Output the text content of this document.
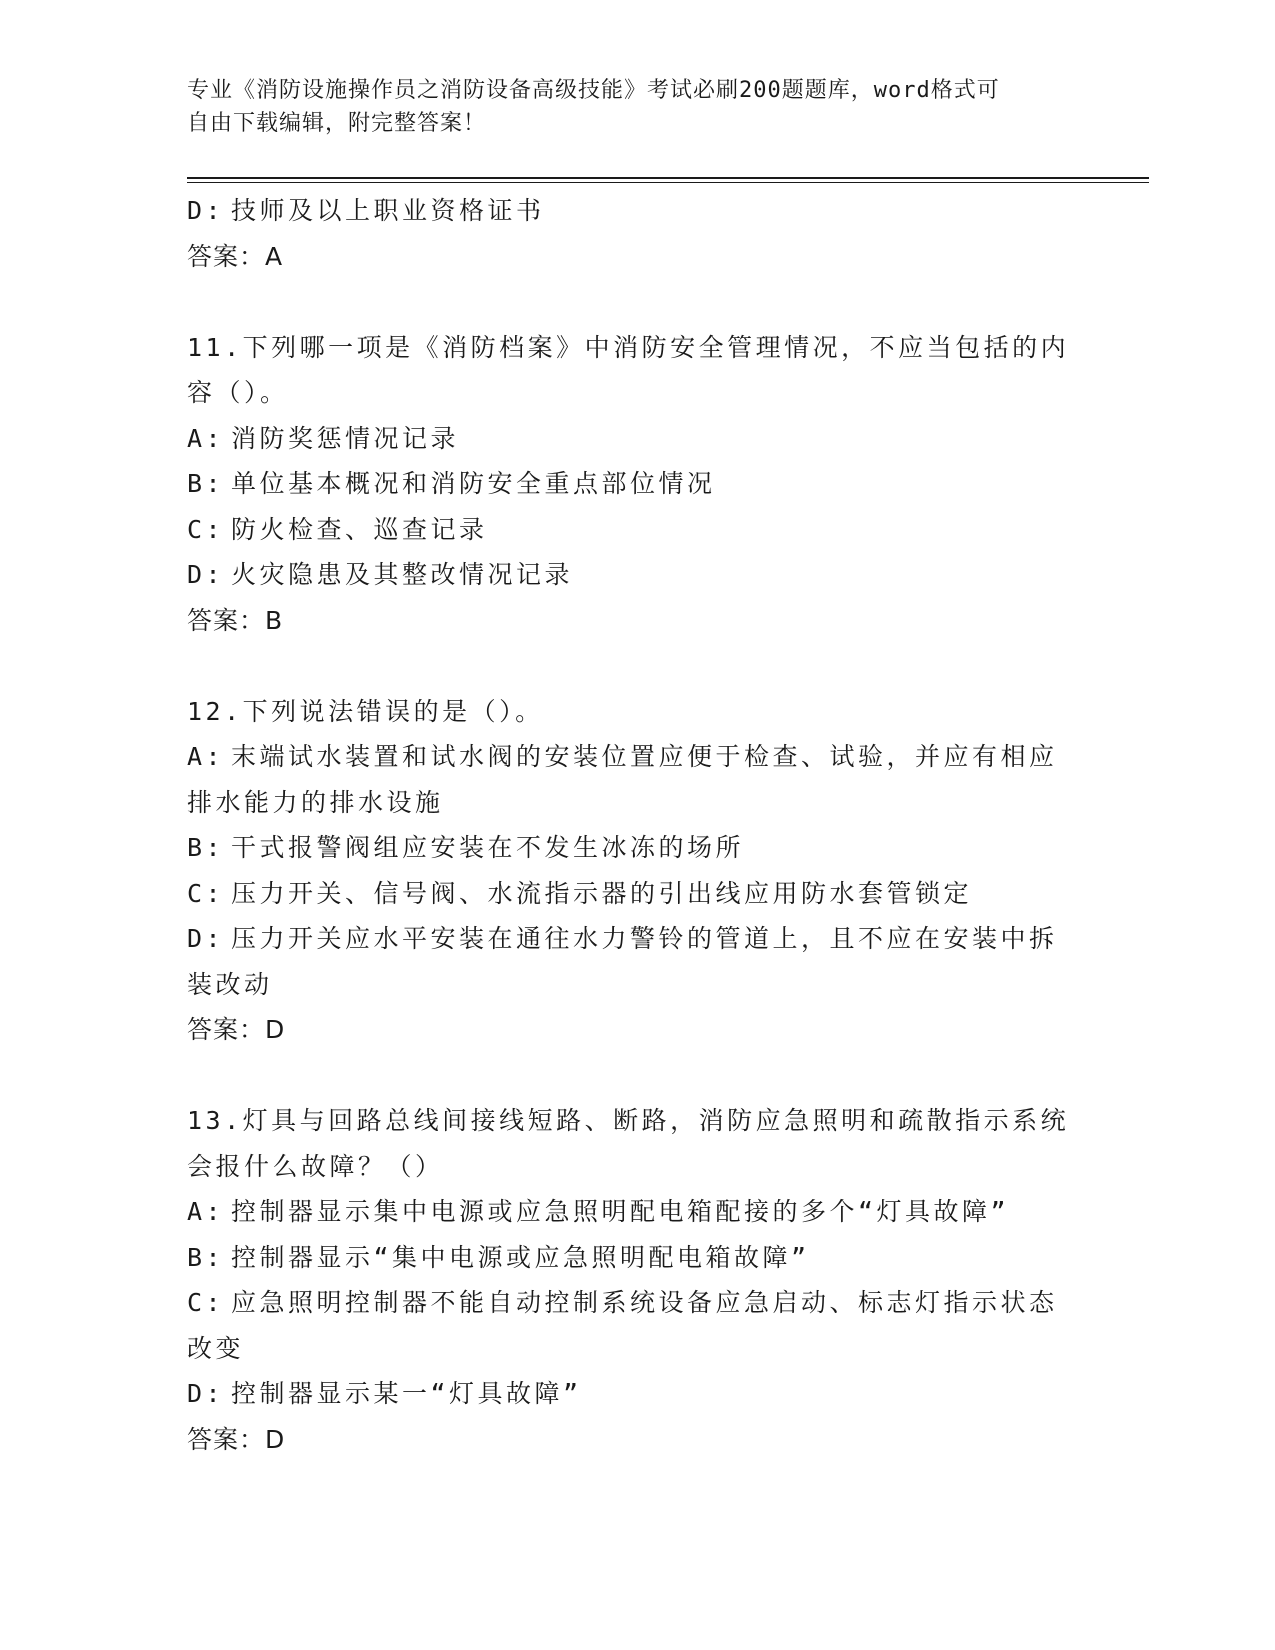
专业《消防设施操作员之消防设备高级技能》考试必刷200题题库，word格式可
自由下载编辑，附完整答案！
D: 技师及以上职业资格证书
答案：A
11.下列哪一项是《消防档案》中消防安全管理情况，不应当包括的内
容（）。
A: 消防奖惩情况记录
B: 单位基本概况和消防安全重点部位情况
C: 防火检查、巡查记录
D: 火灾隐患及其整改情况记录
答案：B
12.下列说法错误的是（）。
A: 末端试水装置和试水阀的安装位置应便于检查、试验，并应有相应
排水能力的排水设施
B: 干式报警阀组应安装在不发生冰冻的场所
C: 压力开关、信号阀、水流指示器的引出线应用防水套管锁定
D: 压力开关应水平安装在通往水力警铃的管道上，且不应在安装中拆
装改动
答案：D
13.灯具与回路总线间接线短路、断路，消防应急照明和疏散指示系统
会报什么故障？（）
A: 控制器显示集中电源或应急照明配电箱配接的多个“灯具故障”
B: 控制器显示“集中电源或应急照明配电箱故障”
C: 应急照明控制器不能自动控制系统设备应急启动、标志灯指示状态
改变
D: 控制器显示某一“灯具故障”
答案：D
